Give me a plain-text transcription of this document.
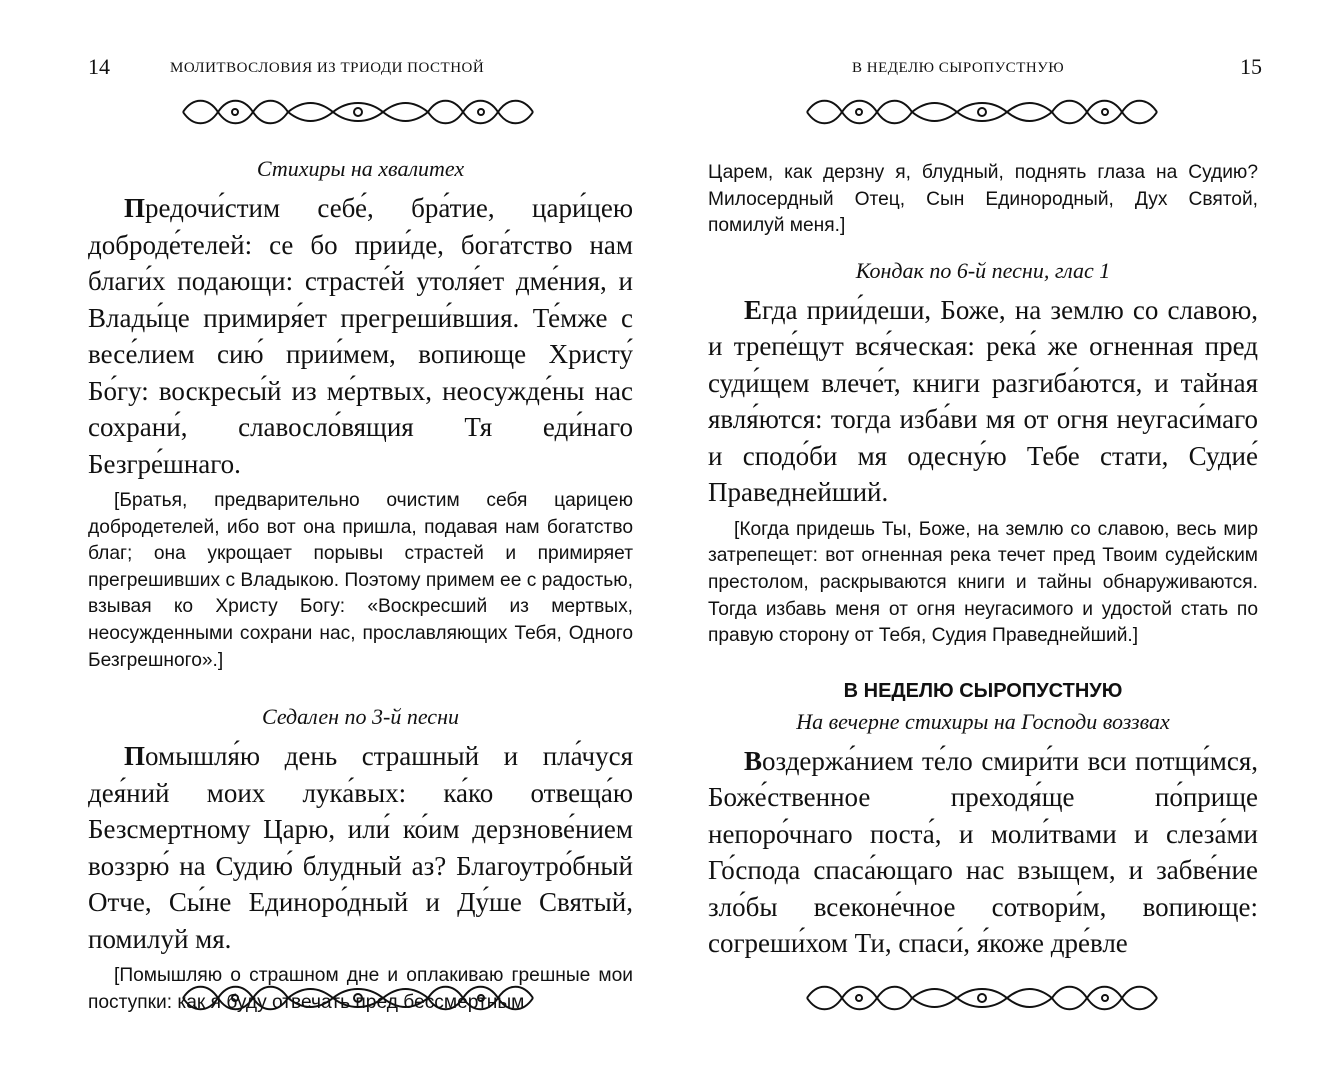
14	МОЛИТВОСЛОВИЯ ИЗ ТРИОДИ ПОСТНОЙ
Стихиры на хвалитех

Предочи́стим себе́, бра́тие, цари́цею доброде́телей: се бо прии́де, бога́тство нам благи́х подающи: страсте́й утоля́ет дме́ния, и Влады́це примиря́ет прегреши́вшия. Те́мже с весе́лием сию́ прии́мем, вопиюще Христу́ Бо́гу: воскресы́й из ме́ртвых, неосужде́ны нас сохрани́, славосло́вящия Тя еди́наго Безгре́шнаго.

[Братья, предварительно очистим себя царицею добродетелей, ибо вот она пришла, подавая нам богатство благ; она укрощает порывы страстей и примиряет прегрешивших с Владыкою. Поэтому примем ее с радостью, взывая ко Христу Богу: «Воскресший из мертвых, неосужденными сохрани нас, прославляющих Тебя, Одного Безгрешного».]

Седален по 3-й песни

Помышля́ю день страшный и пла́чуся дея́ний моих лука́вых: ка́ко отвеща́ю Безсмертному Царю, или́ ко́им дерзнове́нием воззрю́ на Судию́ блудный аз? Благоутро́бный Отче, Сы́не Единоро́дный и Ду́ше Святый, помилуй мя.

[Помышляю о страшном дне и оплакиваю грешные мои поступки: как я буду отвечать пред бессмертным

В НЕДЕЛЮ СЫРОПУСТНУЮ	15

Царем, как дерзну я, блудный, поднять глаза на Судию? Милосердный Отец, Сын Единородный, Дух Святой, помилуй меня.]

Кондак по 6-й песни, глас 1

Егда прии́деши, Боже, на землю со славою, и трепе́щут вся́ческая: река́ же огненная пред суди́щем влече́т, книги разгиба́ются, и тайная явля́ются: тогда изба́ви мя от огня неугаси́маго и сподо́би мя одесну́ю Тебе стати, Судие́ Праведнейший.

[Когда придешь Ты, Боже, на землю со славою, весь мир затрепещет: вот огненная река течет пред Твоим судейским престолом, раскрываются книги и тайны обнаруживаются. Тогда избавь меня от огня неугасимого и удостой стать по правую сторону от Тебя, Судия Праведнейший.]

В НЕДЕЛЮ СЫРОПУСТНУЮ
На вечерне стихиры на Господи воззвах

Воздержа́нием те́ло смири́ти вси потщи́мся, Боже́ственное преходя́ще по́прище непоро́чнаго поста́, и моли́твами и слеза́ми Го́спода спаса́ющаго нас взыщем, и забве́ние зло́бы всеконе́чное сотвори́м, вопиюще: согреши́хом Ти, спаси́, я́коже дре́вле
